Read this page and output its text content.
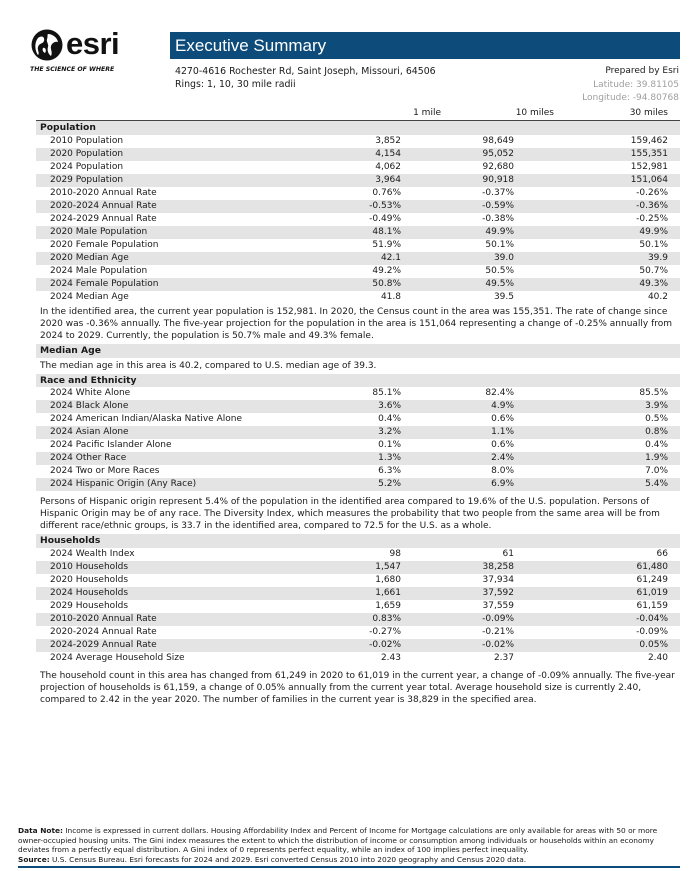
esri
THE SCIENCE OF WHERE
Executive Summary
4270-4616 Rochester Rd, Saint Joseph, Missouri, 64506
Rings: 1, 10, 30 mile radii
Prepared by Esri
Latitude: 39.81105
Longitude: -94.80768
1 mile	10 miles	30 miles
Population
2010 Population	3,852	98,649	159,462
2020 Population	4,154	95,052	155,351
2024 Population	4,062	92,680	152,981
2029 Population	3,964	90,918	151,064
2010-2020 Annual Rate	0.76%	-0.37%	-0.26%
2020-2024 Annual Rate	-0.53%	-0.59%	-0.36%
2024-2029 Annual Rate	-0.49%	-0.38%	-0.25%
2020 Male Population	48.1%	49.9%	49.9%
2020 Female Population	51.9%	50.1%	50.1%
2020 Median Age	42.1	39.0	39.9
2024 Male Population	49.2%	50.5%	50.7%
2024 Female Population	50.8%	49.5%	49.3%
2024 Median Age	41.8	39.5	40.2
In the identified area, the current year population is 152,981. In 2020, the Census count in the area was 155,351. The rate of change since 2020 was -0.36% annually. The five-year projection for the population in the area is 151,064 representing a change of -0.25% annually from 2024 to 2029. Currently, the population is 50.7% male and 49.3% female.
Median Age
The median age in this area is 40.2, compared to U.S. median age of 39.3.
Race and Ethnicity
2024 White Alone	85.1%	82.4%	85.5%
2024 Black Alone	3.6%	4.9%	3.9%
2024 American Indian/Alaska Native Alone	0.4%	0.6%	0.5%
2024 Asian Alone	3.2%	1.1%	0.8%
2024 Pacific Islander Alone	0.1%	0.6%	0.4%
2024 Other Race	1.3%	2.4%	1.9%
2024 Two or More Races	6.3%	8.0%	7.0%
2024 Hispanic Origin (Any Race)	5.2%	6.9%	5.4%
Persons of Hispanic origin represent 5.4% of the population in the identified area compared to 19.6% of the U.S. population. Persons of Hispanic Origin may be of any race. The Diversity Index, which measures the probability that two people from the same area will be from different race/ethnic groups, is 33.7 in the identified area, compared to 72.5 for the U.S. as a whole.
Households
2024 Wealth Index	98	61	66
2010 Households	1,547	38,258	61,480
2020 Households	1,680	37,934	61,249
2024 Households	1,661	37,592	61,019
2029 Households	1,659	37,559	61,159
2010-2020 Annual Rate	0.83%	-0.09%	-0.04%
2020-2024 Annual Rate	-0.27%	-0.21%	-0.09%
2024-2029 Annual Rate	-0.02%	-0.02%	0.05%
2024 Average Household Size	2.43	2.37	2.40
The household count in this area has changed from 61,249 in 2020 to 61,019 in the current year, a change of -0.09% annually. The five-year projection of households is 61,159, a change of 0.05% annually from the current year total. Average household size is currently 2.40, compared to 2.42 in the year 2020. The number of families in the current year is 38,829 in the specified area.
Data Note: Income is expressed in current dollars. Housing Affordability Index and Percent of Income for Mortgage calculations are only available for areas with 50 or more owner-occupied housing units. The Gini index measures the extent to which the distribution of income or consumption among individuals or households within an economy deviates from a perfectly equal distribution. A Gini index of 0 represents perfect equality, while an index of 100 implies perfect inequality.
Source: U.S. Census Bureau. Esri forecasts for 2024 and 2029. Esri converted Census 2010 into 2020 geography and Census 2020 data.
